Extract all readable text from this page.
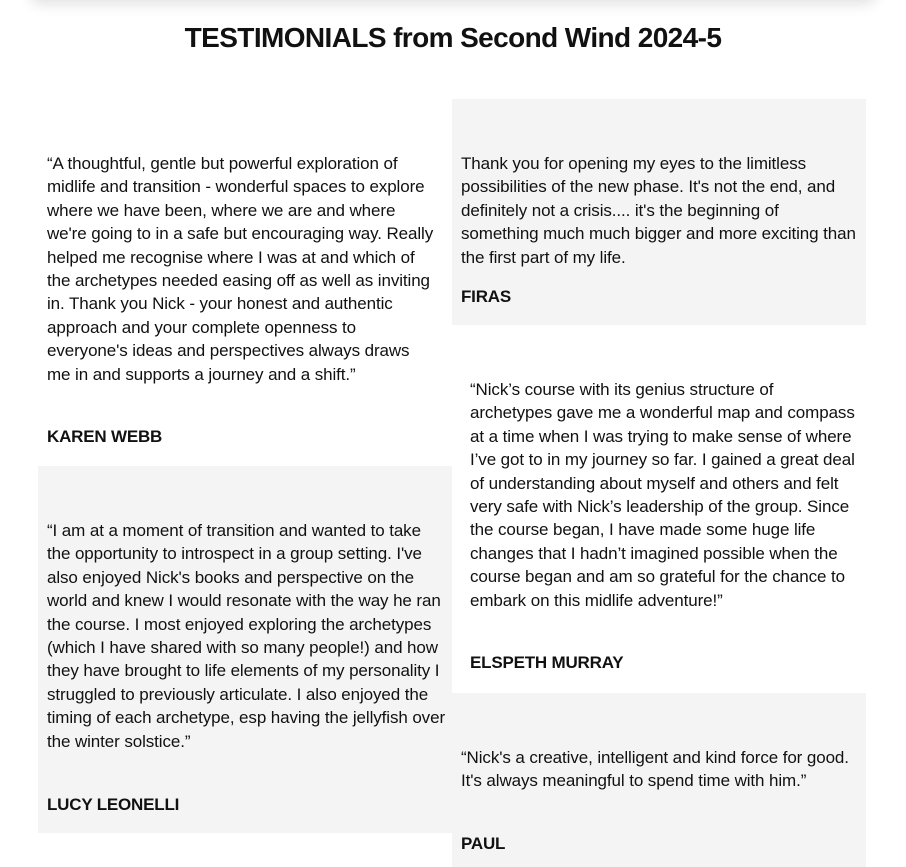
TESTIMONIALS from Second Wind 2024-5

“A thoughtful, gentle but powerful exploration of midlife and transition - wonderful spaces to explore where we have been, where we are and where we're going to in a safe but encouraging way. Really helped me recognise where I was at and which of the archetypes needed easing off as well as inviting in. Thank you Nick - your honest and authentic approach and your complete openness to everyone's ideas and perspectives always draws me in and supports a journey and a shift.”

KAREN WEBB

Thank you for opening my eyes to the limitless possibilities of the new phase. It's not the end, and definitely not a crisis.... it's the beginning of something much much bigger and more exciting than the first part of my life.

FIRAS

“I am at a moment of transition and wanted to take the opportunity to introspect in a group setting. I've also enjoyed Nick's books and perspective on the world and knew I would resonate with the way he ran the course. I most enjoyed exploring the archetypes (which I have shared with so many people!) and how they have brought to life elements of my personality I struggled to previously articulate. I also enjoyed the timing of each archetype, esp having the jellyfish over the winter solstice.”

LUCY LEONELLI

“Nick’s course with its genius structure of archetypes gave me a wonderful map and compass at a time when I was trying to make sense of where I’ve got to in my journey so far. I gained a great deal of understanding about myself and others and felt very safe with Nick’s leadership of the group. Since the course began, I have made some huge life changes that I hadn’t imagined possible when the course began and am so grateful for the chance to embark on this midlife adventure!”

ELSPETH MURRAY

“Nick's a creative, intelligent and kind force for good. It's always meaningful to spend time with him.”

PAUL
